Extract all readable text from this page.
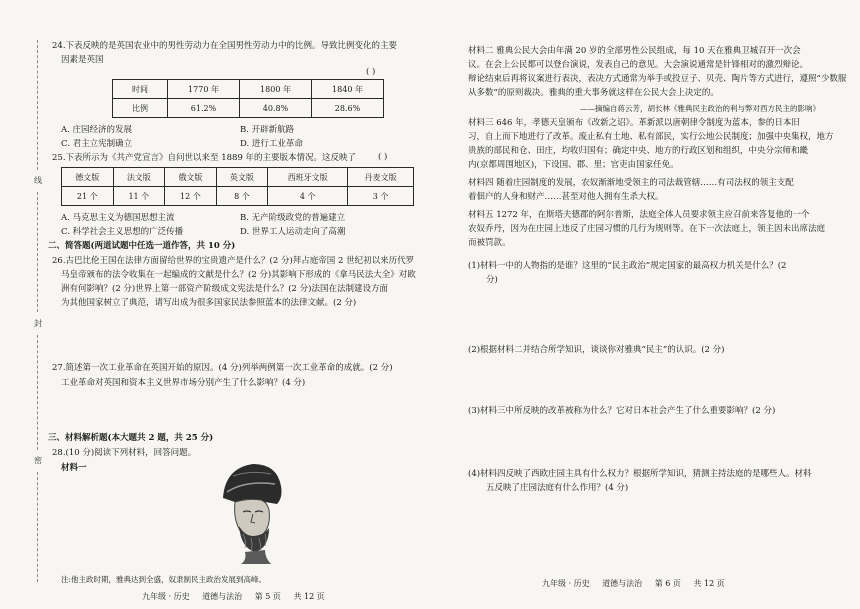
线
封
密
24.下表反映的是英国农业中的男性劳动力在全国男性劳动力中的比例。导致比例变化的主要
因素是英国
( )
时间	1770 年	1800 年	1840 年
比例	61.2%	40.8%	28.6%
A. 庄园经济的发展	B. 开辟新航路
C. 君主立宪制确立	D. 进行工业革命
25.下表所示为《共产党宣言》自问世以来至 1889 年的主要版本情况。这反映了	( )
德文版	法文版	俄文版	英文版	西班牙文版	丹麦文版
21 个	11 个	12 个	8 个	4 个	3 个
A. 马克思主义为德国思想主流	B. 无产阶级政党的普遍建立
C. 科学社会主义思想的广泛传播	D. 世界工人运动走向了高潮
二、简答题(两道试题中任选一道作答，共 10 分)
26.古巴比伦王国在法律方面留给世界的宝贵遗产是什么？(2 分)拜占庭帝国 2 世纪初以来历代罗
马皇帝颁布的法令收集在一起编成的文献是什么？(2 分)其影响下形成的《拿马民法大全》对欧
洲有何影响？(2 分)世界上第一部资产阶级成文宪法是什么？(2 分)法国在法制建设方面
为其他国家树立了典范，请写出成为很多国家民法参照蓝本的法律文献。(2 分)
27.简述第一次工业革命在英国开始的原因。(4 分)列举两例第一次工业革命的成就。(2 分)
工业革命对英国和资本主义世界市场分别产生了什么影响？(4 分)
三、材料解析题(本大题共 2 题，共 25 分)
28.(10 分)阅读下列材料，回答问题。
材料一
注:他主政时期，雅典达到全盛，奴隶制民主政治发展到高峰。
九年级 · 历史 道德与法治 第 5 页 共 12 页
材料二 雅典公民大会由年满 20 岁的全部男性公民组成，每 10 天在雅典卫城召开一次会
议。在会上公民都可以登台演说，发表自己的意见。大会演说通常是针锋相对的激烈辩论。
辩论结束后再将议案进行表决，表决方式通常为举手或投豆子、贝壳、陶片等方式进行，遵照“少数服
从多数”的原则裁决。雅典的重大事务就这样在公民大会上决定的。
——摘编自蒋云芳，胡长林《雅典民主政治的利与弊对西方民主的影响》
材料三 646 年，孝德天皇颁布《改新之诏》。革新派以唐朝律令制度为蓝本，参的日本旧
习，自上而下地进行了改革。废止私有土地、私有部民，实行公地公民制度；加强中央集权，地方
贵族的部民和仓、田庄，均收归国有；确定中央、地方的行政区划和组织，中央分宗师和畿
内(京都周围地区)，下设国、郡、里；官吏由国家任免。
材料四 随着庄园制度的发展，农奴渐渐地受领主的司法裁管辖……有司法权的领主支配
着佃户的人身和财产……甚至对他人拥有生杀大权。
材料五 1272 年，在斯塔夫德郡的阿尔普斯，法庭全体人员要求领主应召前来答复他的一个
农奴乔丹，因为在庄园上违反了庄园习惯的几行为规则等。在下一次法庭上，领主因未出席法庭
而被罚款。
(1)材料一中的人物指的是谁？这里的“民主政治”规定国家的最高权力机关是什么？(2
分)
(2)根据材料二并结合所学知识，谈谈你对雅典“民主”的认识。(2 分)
(3)材料三中所反映的改革被称为什么？它对日本社会产生了什么重要影响？(2 分)
(4)材料四反映了西欧庄园主具有什么权力？根据所学知识，猜测主持法庭的是哪些人。材料
五反映了庄园法庭有什么作用？(4 分)
九年级 · 历史 道德与法治 第 6 页 共 12 页
